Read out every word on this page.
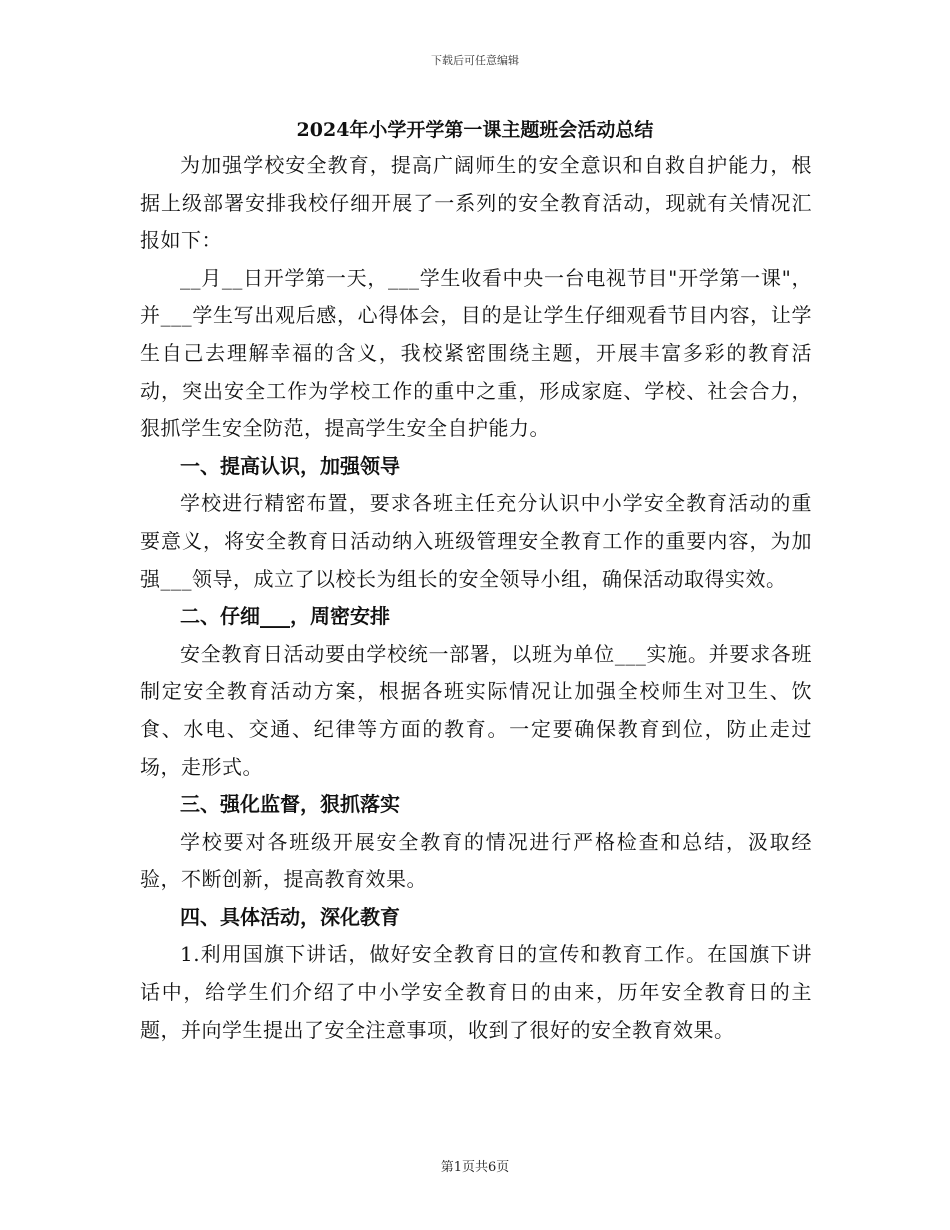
下载后可任意编辑
2024年小学开学第一课主题班会活动总结

为加强学校安全教育，提高广阔师生的安全意识和自救自护能力，根据上级部署安排我校仔细开展了一系列的安全教育活动，现就有关情况汇报如下：

__月__日开学第一天，___学生收看中央一台电视节目"开学第一课"，并___学生写出观后感，心得体会，目的是让学生仔细观看节目内容，让学生自己去理解幸福的含义，我校紧密围绕主题，开展丰富多彩的教育活动，突出安全工作为学校工作的重中之重，形成家庭、学校、社会合力，狠抓学生安全防范，提高学生安全自护能力。

一、提高认识，加强领导

学校进行精密布置，要求各班主任充分认识中小学安全教育活动的重要意义，将安全教育日活动纳入班级管理安全教育工作的重要内容，为加强___领导，成立了以校长为组长的安全领导小组，确保活动取得实效。

二、仔细___，周密安排

安全教育日活动要由学校统一部署，以班为单位___实施。并要求各班制定安全教育活动方案，根据各班实际情况让加强全校师生对卫生、饮食、水电、交通、纪律等方面的教育。一定要确保教育到位，防止走过场，走形式。

三、强化监督，狠抓落实

学校要对各班级开展安全教育的情况进行严格检查和总结，汲取经验，不断创新，提高教育效果。

四、具体活动，深化教育

1.利用国旗下讲话，做好安全教育日的宣传和教育工作。在国旗下讲话中，给学生们介绍了中小学安全教育日的由来，历年安全教育日的主题，并向学生提出了安全注意事项，收到了很好的安全教育效果。

第1页共6页
